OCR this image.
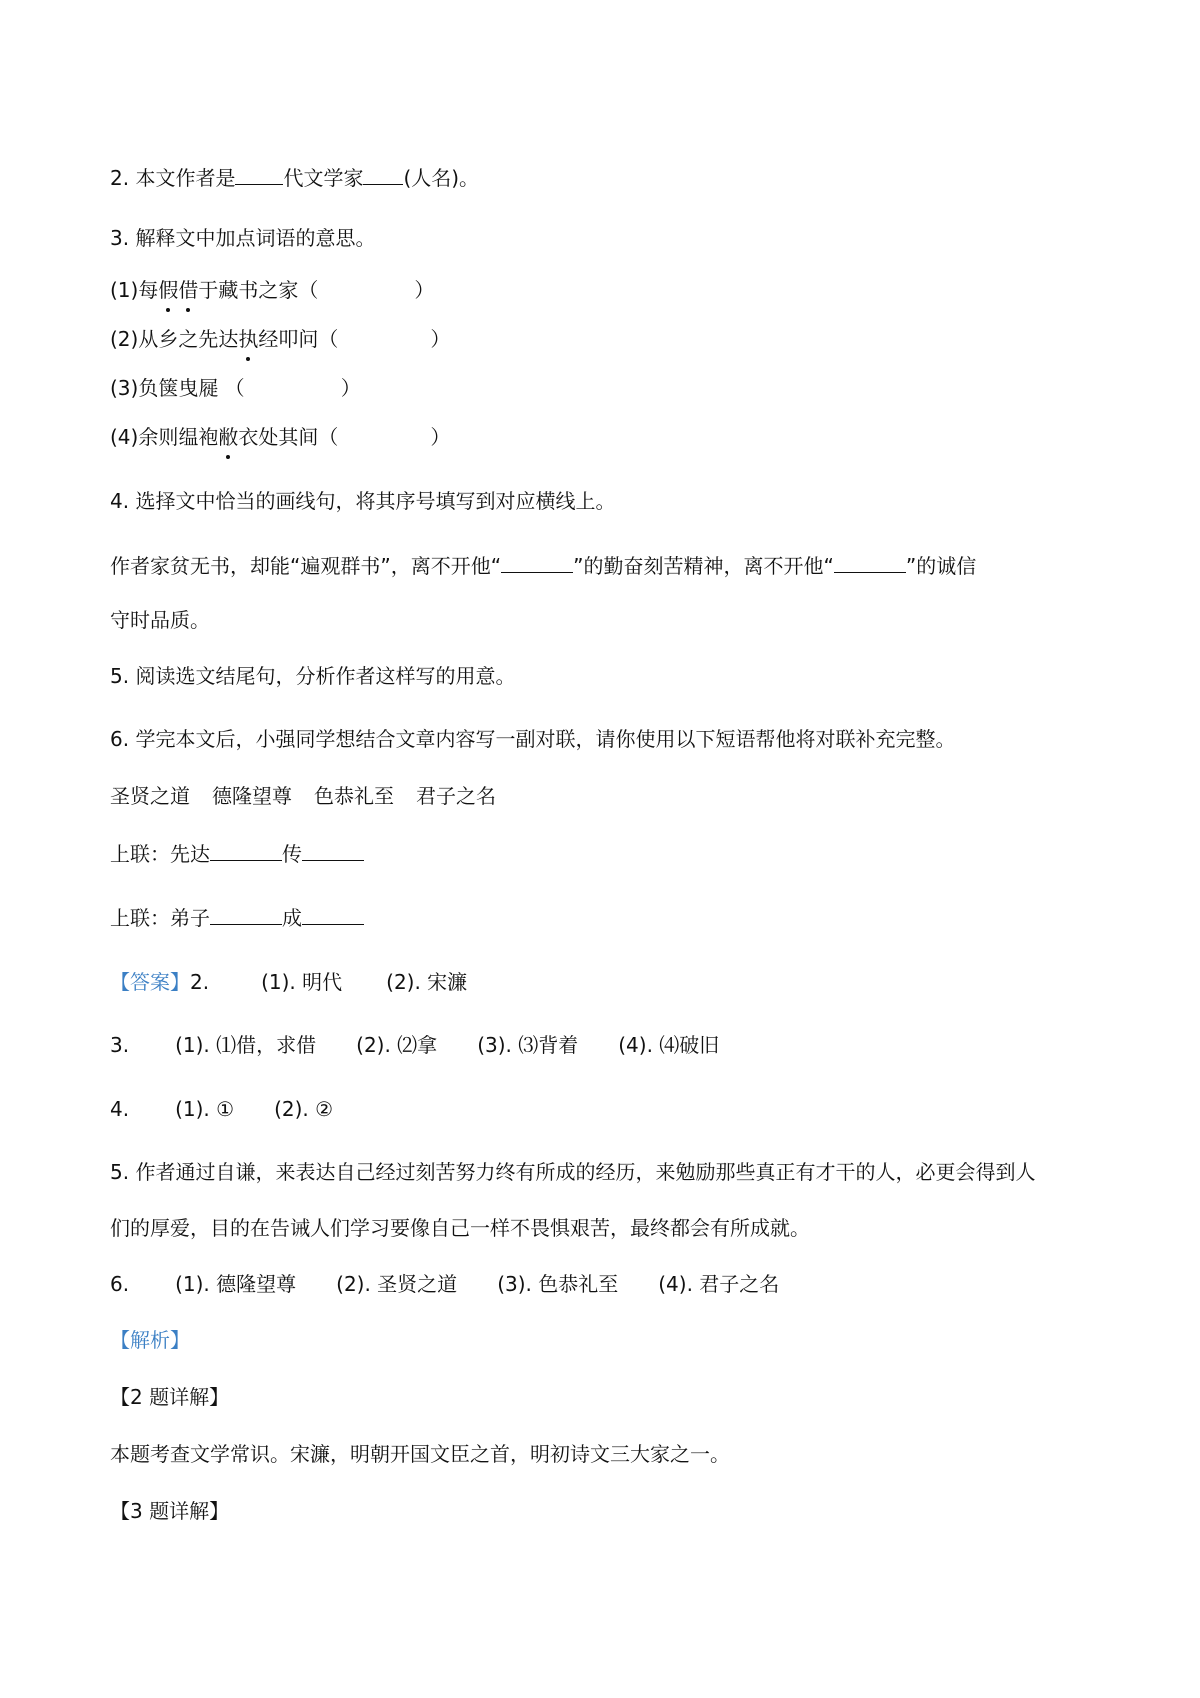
2. 本文作者是 代文学家 (人名)。
3. 解释文中加点词语的意思。
(1)每假借于藏书之家（	）
(2)从乡之先达执经叩问（	）
(3)负箧曳屣 （	）
(4)余则缊袍敝衣处其间（	）
4. 选择文中恰当的画线句，将其序号填写到对应横线上。
作者家贫无书，却能“遍观群书”，离不开他“	”的勤奋刻苦精神，离不开他“	”的诚信
守时品质。
5. 阅读选文结尾句，分析作者这样写的用意。
6. 学完本文后，小强同学想结合文章内容写一副对联，请你使用以下短语帮他将对联补充完整。
圣贤之道 德隆望尊 色恭礼至 君子之名
上联：先达	传
上联：弟子	成
【答案】2.	(1). 明代 (2). 宋濂
3. (1). ⑴借，求借 (2). ⑵拿 (3). ⑶背着 (4). ⑷破旧
4. (1). ① (2). ②
5. 作者通过自谦，来表达自己经过刻苦努力终有所成的经历，来勉励那些真正有才干的人，必更会得到人
们的厚爱，目的在告诫人们学习要像自己一样不畏惧艰苦，最终都会有所成就。
6. (1). 德隆望尊 (2). 圣贤之道 (3). 色恭礼至 (4). 君子之名
【解析】
【2 题详解】
本题考查文学常识。宋濂，明朝开国文臣之首，明初诗文三大家之一。
【3 题详解】
